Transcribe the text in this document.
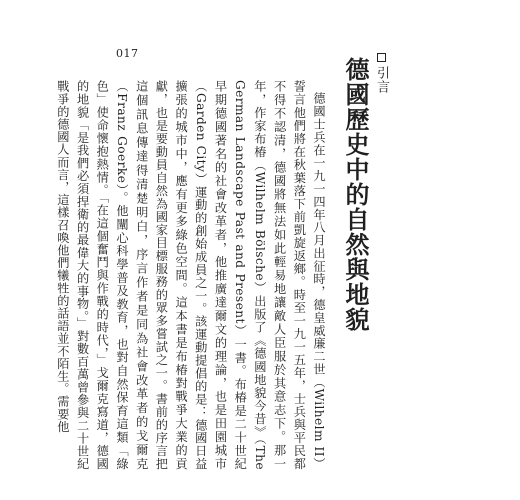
017
引言
德國歷史中的自然與地貌

德國士兵在一九一四年八月出征時，德皇威廉二世（Wilhelm II）誓言他們將在秋葉落下前凱旋返鄉。時至一九一五年，士兵與平民都不得不認清，德國將無法如此輕易地讓敵人臣服於其意志下。那一年，作家布椿（Wilhelm Bölsche）出版了《德國地貌今昔》（The German Landscape Past and Present）一書。布椿是二十世紀早期德國著名的社會改革者，他推廣達爾文的理論，也是田園城市（Garden City）運動的創始成員之一。該運動提倡的是：德國日益擴張的城市中，應有更多綠色空間。這本書是布椿對戰爭大業的貢獻，也是要動員自然為國家目標服務的眾多嘗試之一。書前的序言把這個訊息傳達得清楚明白，序言作者是同為社會改革者的戈爾克（Franz Goerke）。他闡心科學普及教育，也對自然保育這類「綠色」使命懷抱熱情。「在這個奮鬥與作戰的時代，」戈爾克寫道，德國的地貌「是我們必須捍衛的最偉大的事物。」對數百萬曾參與二十世紀戰爭的德國人而言，這樣召喚他們犧牲的話語並不陌生。需要他
